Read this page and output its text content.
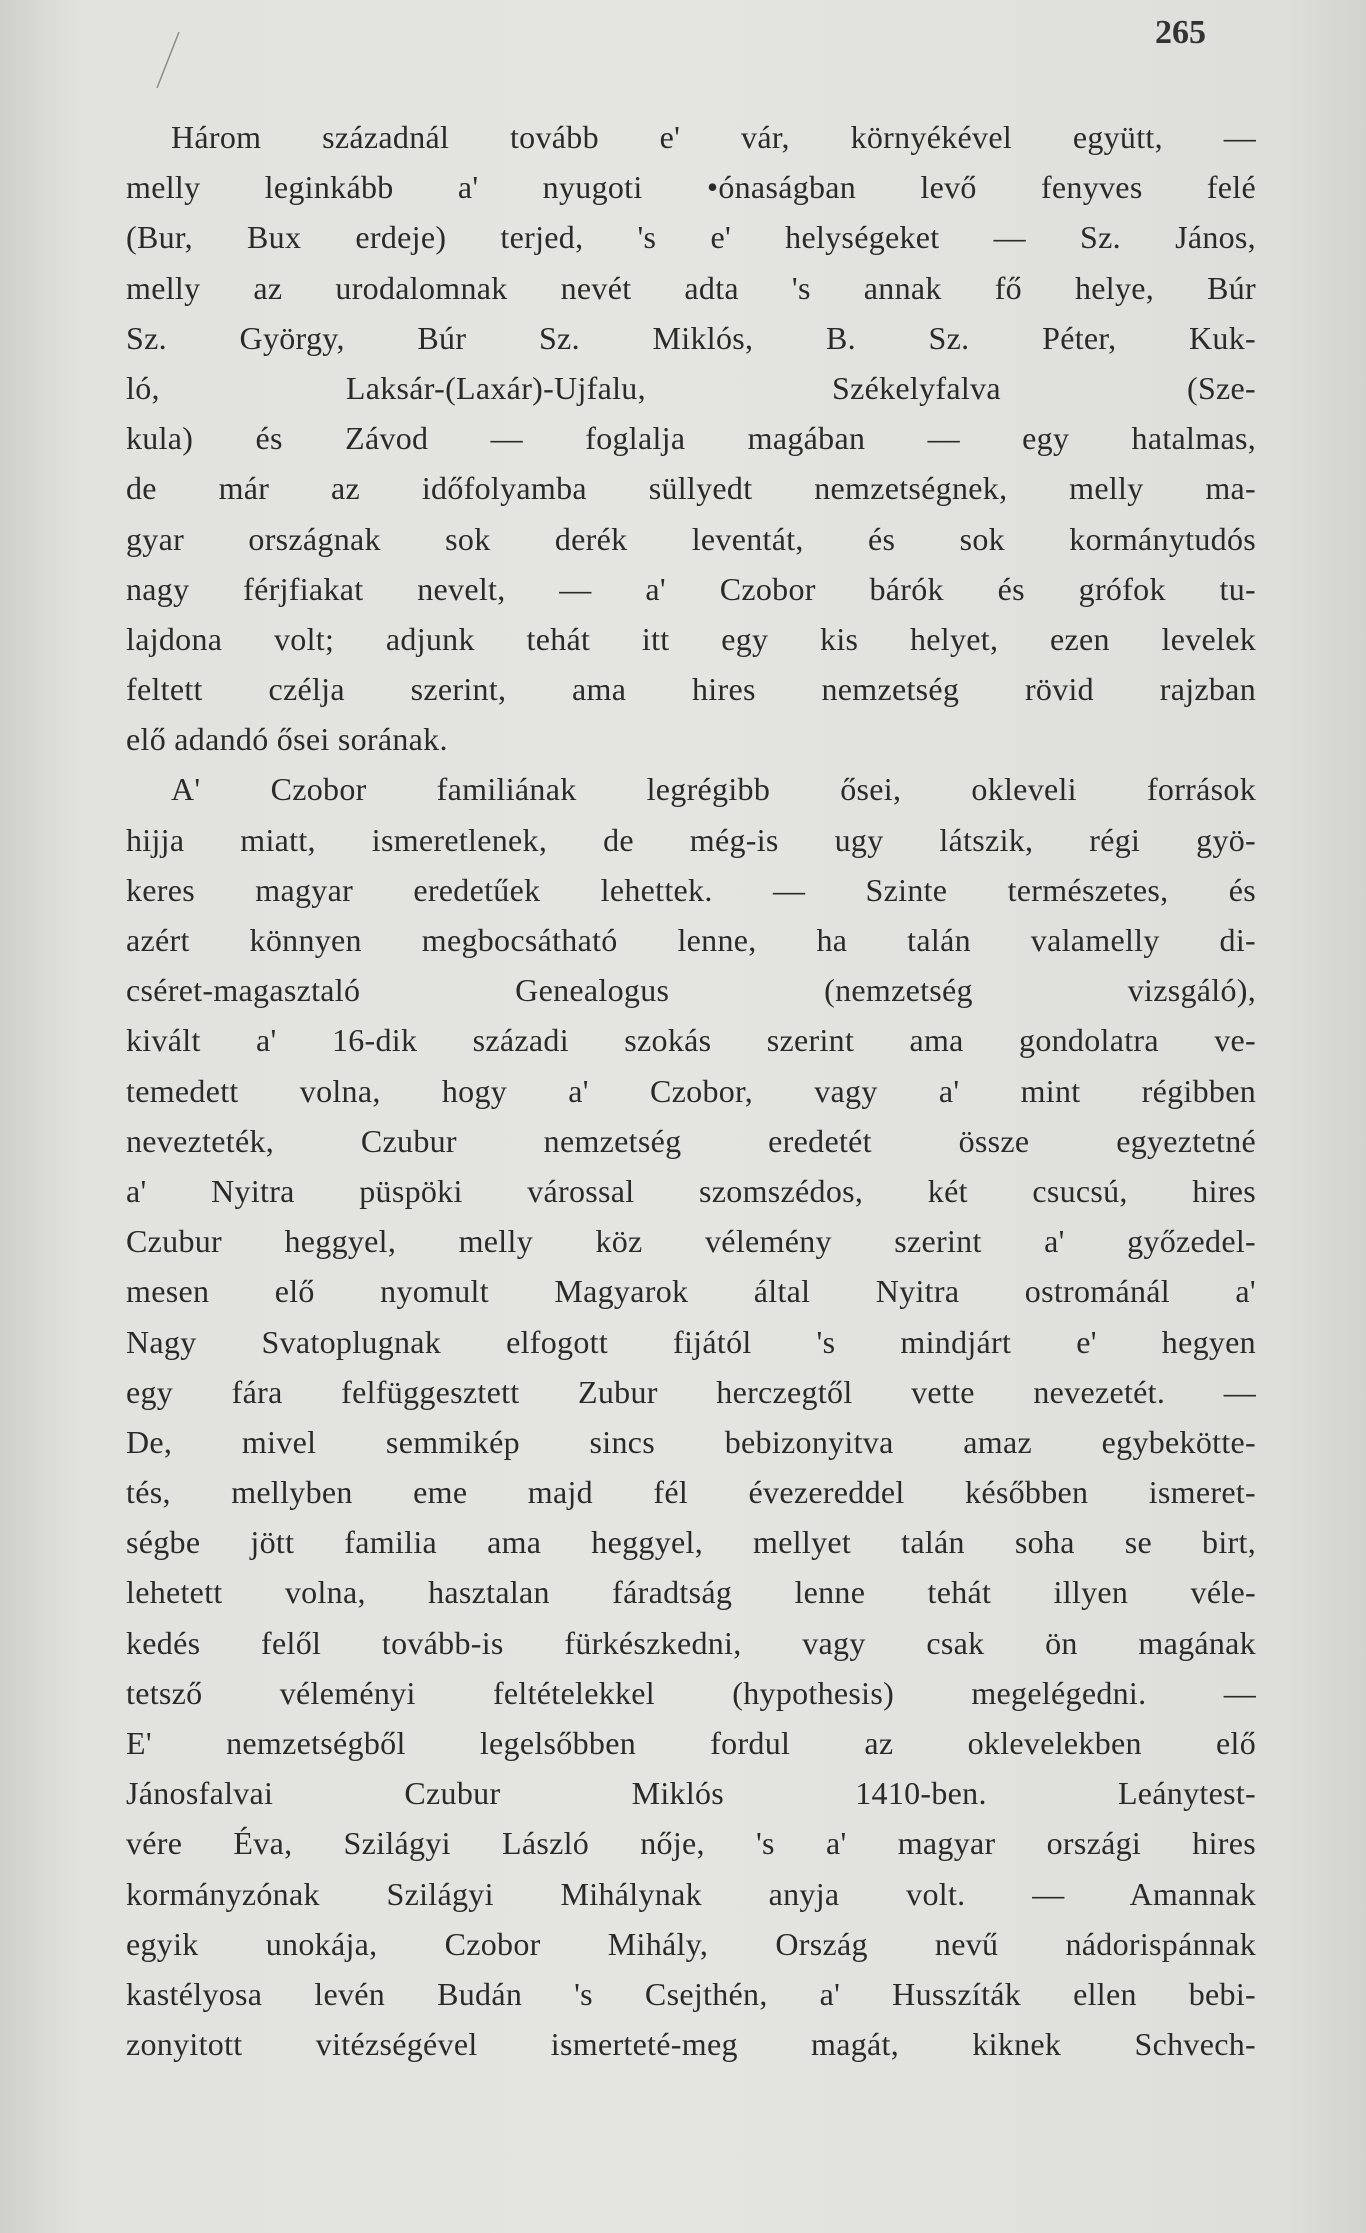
265
Három századnál tovább e' vár, környékével együtt, —
melly leginkább a' nyugoti •ónaságban levő fenyves felé
(Bur, Bux erdeje) terjed, 's e' helységeket — Sz. János,
melly az urodalomnak nevét adta 's annak fő helye, Búr
Sz. György, Búr Sz. Miklós, B. Sz. Péter, Kuk-
ló, Laksár-(Laxár)-Ujfalu, Székelyfalva (Sze-
kula) és Závod — foglalja magában — egy hatalmas,
de már az időfolyamba süllyedt nemzetségnek, melly ma-
gyar országnak sok derék leventát, és sok kormánytudós
nagy férjfiakat nevelt, — a' Czobor bárók és grófok tu-
lajdona volt; adjunk tehát itt egy kis helyet, ezen levelek
feltett czélja szerint, ama hires nemzetség rövid rajzban
elő adandó ősei sorának.
A' Czobor familiának legrégibb ősei, okleveli források
hijja miatt, ismeretlenek, de még-is ugy látszik, régi gyö-
keres magyar eredetűek lehettek. — Szinte természetes, és
azért könnyen megbocsátható lenne, ha talán valamelly di-
cséret-magasztaló Genealogus (nemzetség vizsgáló),
kivált a' 16-dik századi szokás szerint ama gondolatra ve-
temedett volna, hogy a' Czobor, vagy a' mint régibben
nevezteték, Czubur nemzetség eredetét össze egyeztetné
a' Nyitra püspöki várossal szomszédos, két csucsú, hires
Czubur heggyel, melly köz vélemény szerint a' győzedel-
mesen elő nyomult Magyarok által Nyitra ostrománál a'
Nagy Svatoplugnak elfogott fijától 's mindjárt e' hegyen
egy fára felfüggesztett Zubur herczegtől vette nevezetét. —
De, mivel semmikép sincs bebizonyitva amaz egybekötte-
tés, mellyben eme majd fél évezereddel későbben ismeret-
ségbe jött familia ama heggyel, mellyet talán soha se birt,
lehetett volna, hasztalan fáradtság lenne tehát illyen véle-
kedés felől tovább-is fürkészkedni, vagy csak ön magának
tetsző véleményi feltételekkel (hypothesis) megelégedni. —
E' nemzetségből legelsőbben fordul az oklevelekben elő
Jánosfalvai Czubur Miklós 1410-ben. Leánytest-
vére Éva, Szilágyi László nője, 's a' magyar országi hires
kormányzónak Szilágyi Mihálynak anyja volt. — Amannak
egyik unokája, Czobor Mihály, Ország nevű nádorispánnak
kastélyosa levén Budán 's Csejthén, a' Husszíták ellen bebi-
zonyitott vitézségével ismerteté-meg magát, kiknek Schvech-
